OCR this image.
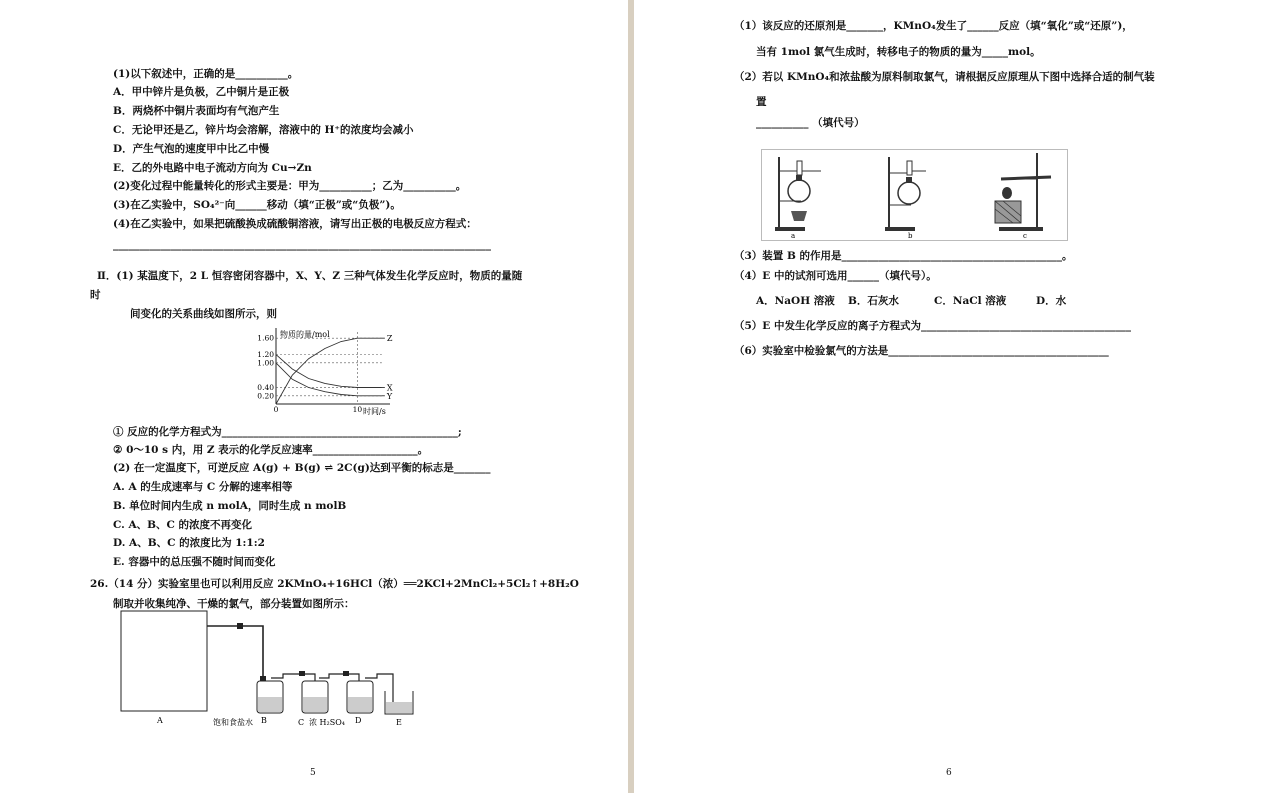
(1)以下叙述中，正确的是__________。
A．甲中锌片是负极，乙中铜片是正极
B．两烧杯中铜片表面均有气泡产生
C．无论甲还是乙，锌片均会溶解，溶液中的 H⁺的浓度均会减小
D．产生气泡的速度甲中比乙中慢
E．乙的外电路中电子流动方向为 Cu→Zn
(2)变化过程中能量转化的形式主要是：甲为__________；乙为__________。
(3)在乙实验中，SO₄²⁻向______移动（填“正极”或“负极”)。
(4)在乙实验中，如果把硫酸换成硫酸铜溶液，请写出正极的电极反应方程式：
________________________________________________________________________
Ⅱ．(1) 某温度下，2 L 恒容密闭容器中，X、Y、Z 三种气体发生化学反应时，物质的量随
时
间变化的关系曲线如图所示，则
物质的量/mol
时间/s
Z
X
Y
1.60
1.20
1.00
0.40
0.20
0	10
① 反应的化学方程式为_____________________________________________;
② 0～10 s 内，用 Z 表示的化学反应速率____________________。
(2) 在一定温度下，可逆反应 A(g) + B(g) ⇌ 2C(g)达到平衡的标志是_______
A. A 的生成速率与 C 分解的速率相等
B. 单位时间内生成 n molA，同时生成 n molB
C. A、B、C 的浓度不再变化
D. A、B、C 的浓度比为 1:1:2
E. 容器中的总压强不随时间而变化
26.（14 分）实验室里也可以利用反应 2KMnO₄+16HCl（浓）══2KCl+2MnCl₂+5Cl₂↑+8H₂O
制取并收集纯净、干燥的氯气，部分装置如图所示：
A	饱和食盐水 B	C 浓 H₂SO₄ D	E
5
（1）该反应的还原剂是_______，KMnO₄发生了______反应（填“氧化”或“还原”)，
当有 1mol 氯气生成时，转移电子的物质的量为_____mol。
（2）若以 KMnO₄和浓盐酸为原料制取氯气，请根据反应原理从下图中选择合适的制气装
置
__________ （填代号）
a	b	c
（3）装置 B 的作用是__________________________________________。
（4）E 中的试剂可选用______（填代号）。
A．NaOH 溶液 B．石灰水	C．NaCl 溶液	D．水
（5）E 中发生化学反应的离子方程式为________________________________________
（6）实验室中检验氯气的方法是__________________________________________
6
